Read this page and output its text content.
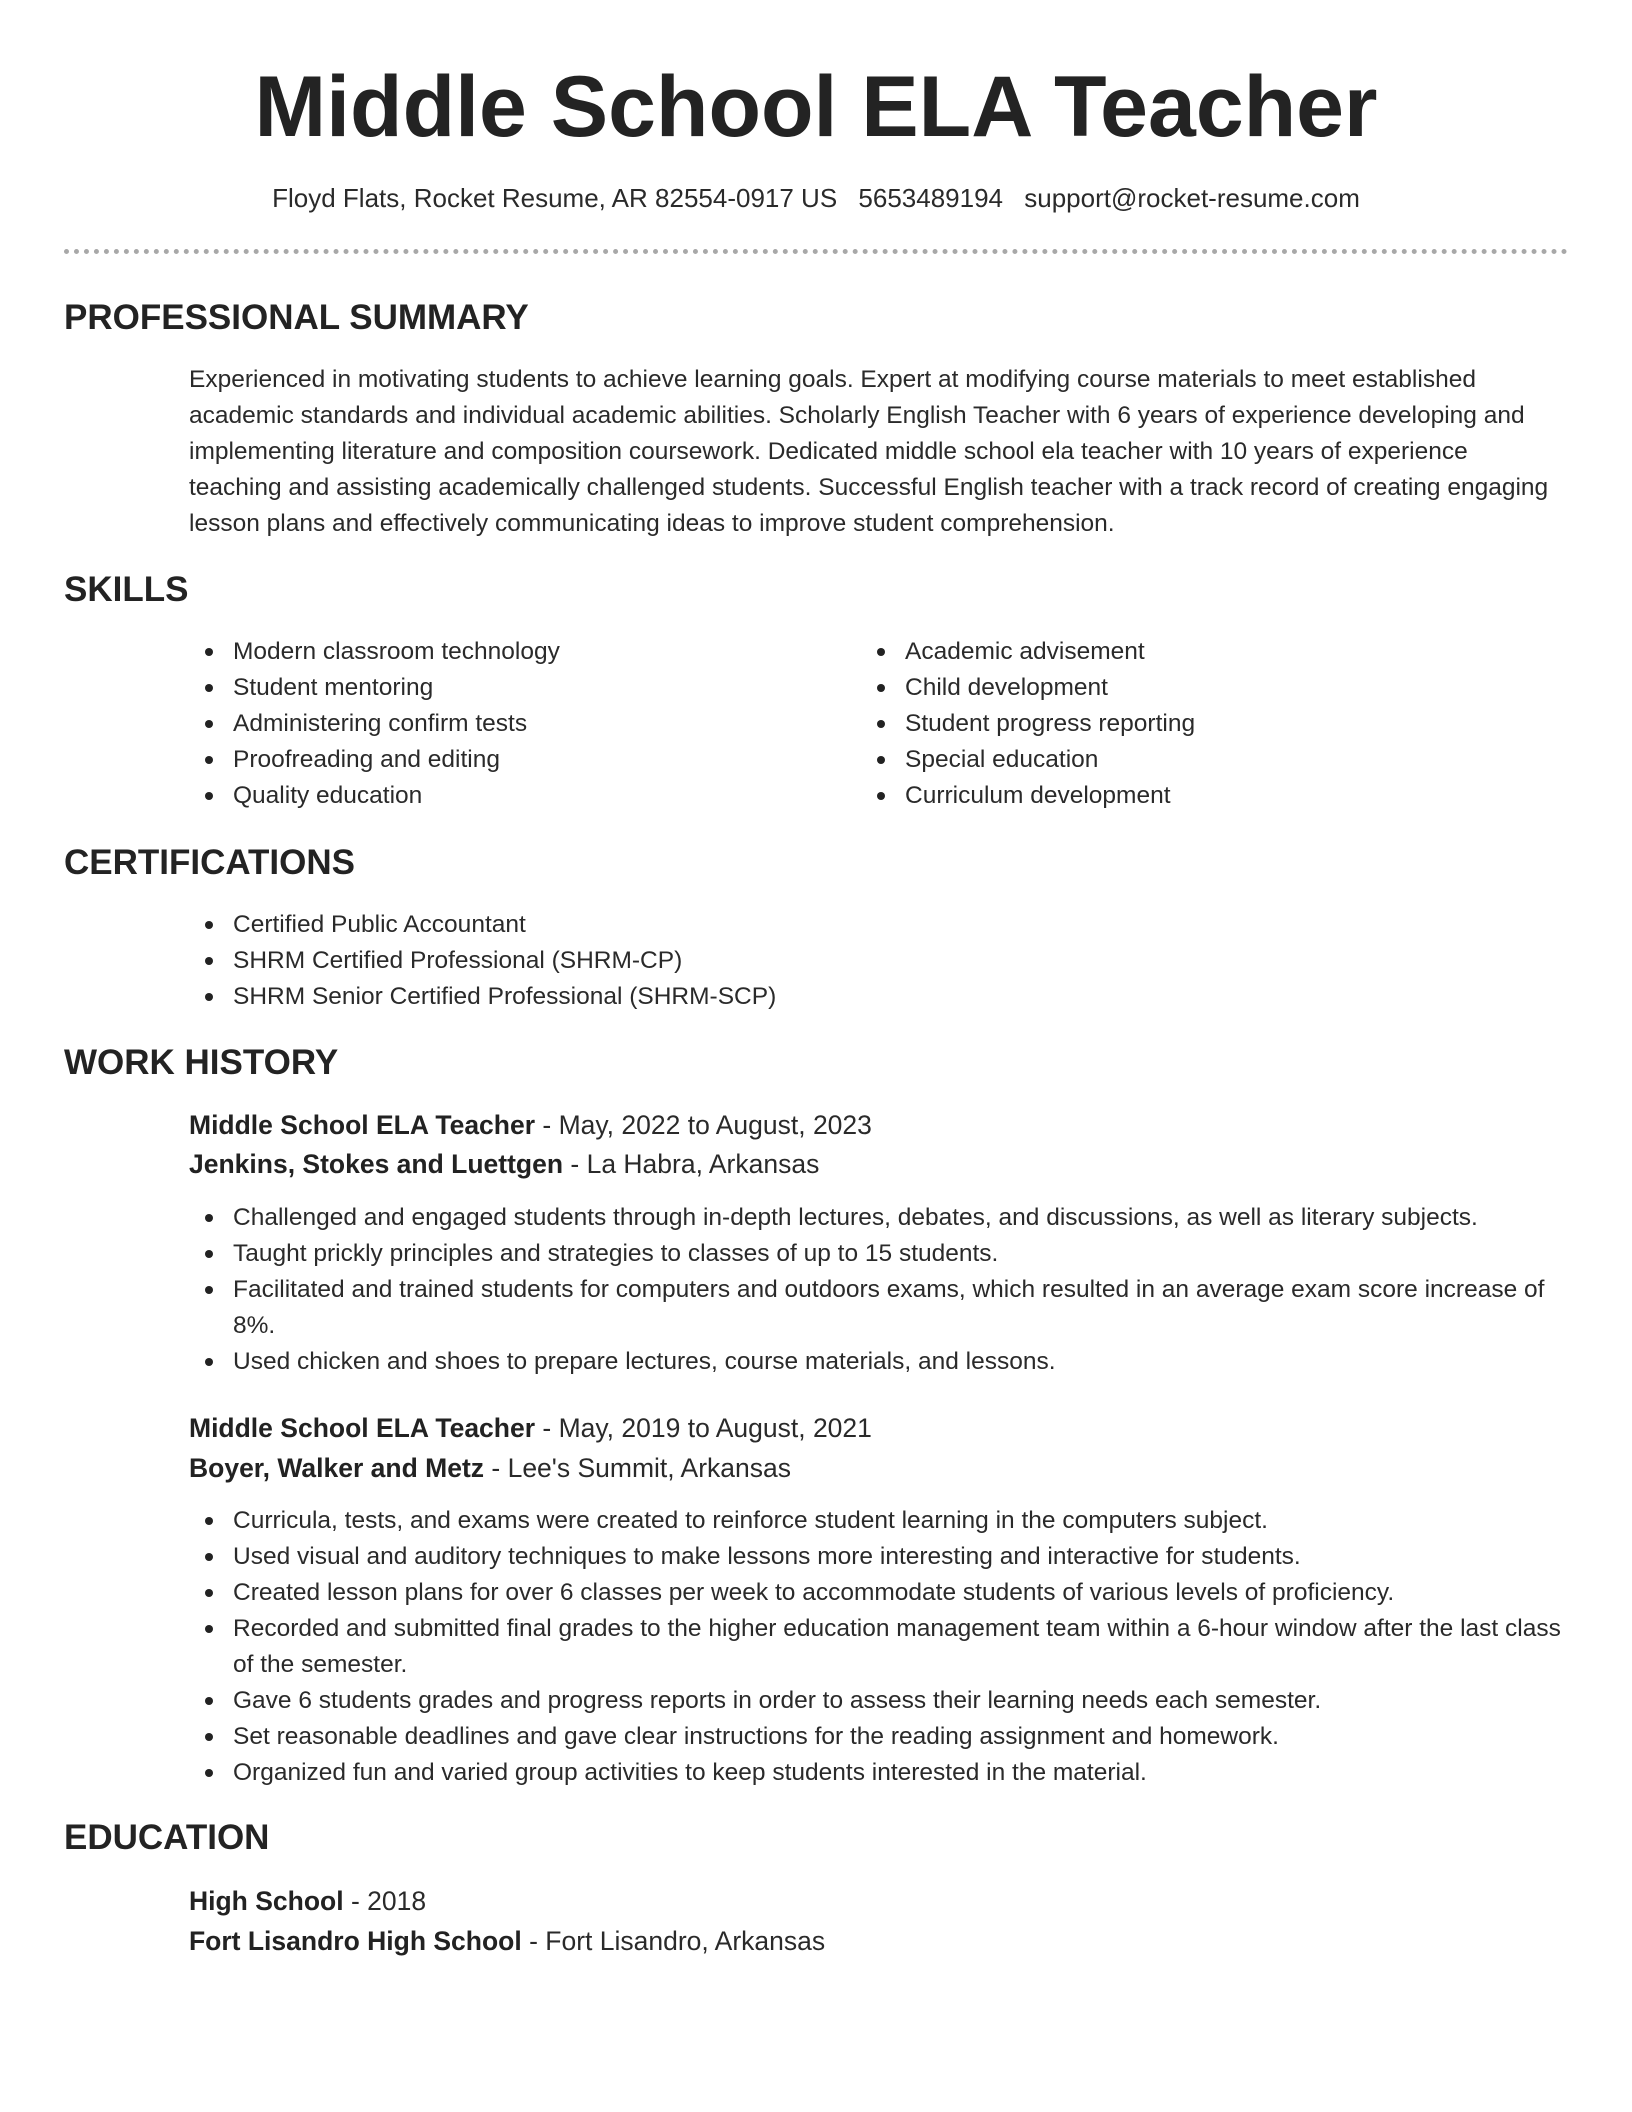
Middle School ELA Teacher
Floyd Flats, Rocket Resume, AR 82554-0917 US 5653489194 support@rocket-resume.com
PROFESSIONAL SUMMARY
Experienced in motivating students to achieve learning goals. Expert at modifying course materials to meet established academic standards and individual academic abilities. Scholarly English Teacher with 6 years of experience developing and implementing literature and composition coursework. Dedicated middle school ela teacher with 10 years of experience teaching and assisting academically challenged students. Successful English teacher with a track record of creating engaging lesson plans and effectively communicating ideas to improve student comprehension.
SKILLS
Modern classroom technology
Student mentoring
Administering confirm tests
Proofreading and editing
Quality education
Academic advisement
Child development
Student progress reporting
Special education
Curriculum development
CERTIFICATIONS
Certified Public Accountant
SHRM Certified Professional (SHRM-CP)
SHRM Senior Certified Professional (SHRM-SCP)
WORK HISTORY
Middle School ELA Teacher - May, 2022 to August, 2023
Jenkins, Stokes and Luettgen - La Habra, Arkansas
Challenged and engaged students through in-depth lectures, debates, and discussions, as well as literary subjects.
Taught prickly principles and strategies to classes of up to 15 students.
Facilitated and trained students for computers and outdoors exams, which resulted in an average exam score increase of 8%.
Used chicken and shoes to prepare lectures, course materials, and lessons.
Middle School ELA Teacher - May, 2019 to August, 2021
Boyer, Walker and Metz - Lee's Summit, Arkansas
Curricula, tests, and exams were created to reinforce student learning in the computers subject.
Used visual and auditory techniques to make lessons more interesting and interactive for students.
Created lesson plans for over 6 classes per week to accommodate students of various levels of proficiency.
Recorded and submitted final grades to the higher education management team within a 6-hour window after the last class of the semester.
Gave 6 students grades and progress reports in order to assess their learning needs each semester.
Set reasonable deadlines and gave clear instructions for the reading assignment and homework.
Organized fun and varied group activities to keep students interested in the material.
EDUCATION
High School - 2018
Fort Lisandro High School - Fort Lisandro, Arkansas
